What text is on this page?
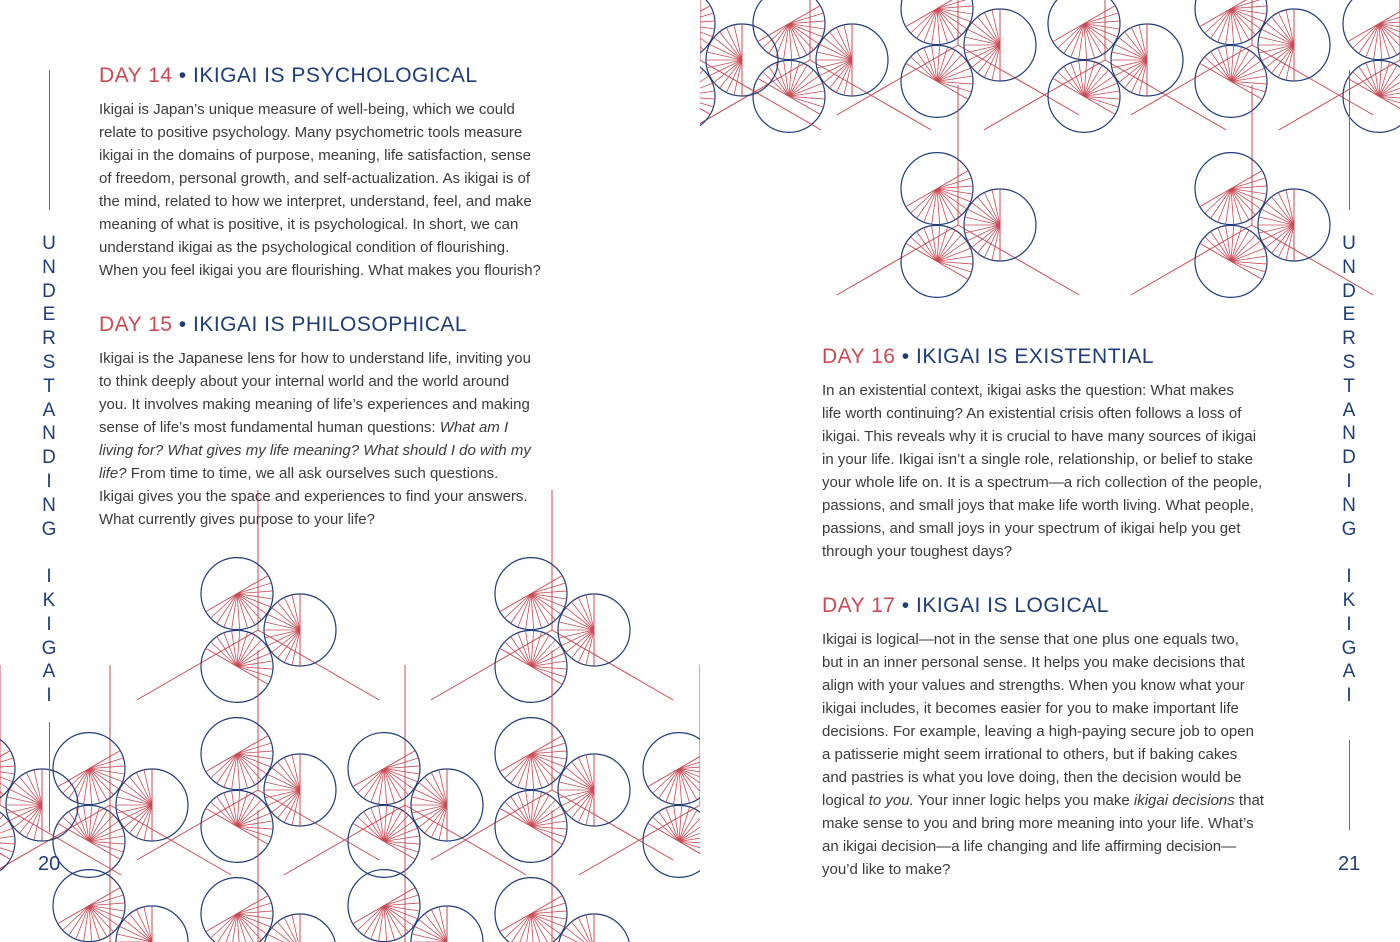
U
N
D
E
R
S
T
A
N
D
I
N
G

I
K
I
G
A
I
20
DAY 14 • IKIGAI IS PSYCHOLOGICAL

Ikigai is Japan’s unique measure of well-being, which we could
relate to positive psychology. Many psychometric tools measure
ikigai in the domains of purpose, meaning, life satisfaction, sense
of freedom, personal growth, and self-actualization. As ikigai is of
the mind, related to how we interpret, understand, feel, and make
meaning of what is positive, it is psychological. In short, we can
understand ikigai as the psychological condition of flourishing.
When you feel ikigai you are flourishing. What makes you flourish?

DAY 15 • IKIGAI IS PHILOSOPHICAL

Ikigai is the Japanese lens for how to understand life, inviting you
to think deeply about your internal world and the world around
you. It involves making meaning of life’s experiences and making
sense of life’s most fundamental human questions: What am I
living for? What gives my life meaning? What should I do with my
life? From time to time, we all ask ourselves such questions.
Ikigai gives you the space and experiences to find your answers.
What currently gives purpose to your life?

U
N
D
E
R
S
T
A
N
D
I
N
G

I
K
I
G
A
I
21
DAY 16 • IKIGAI IS EXISTENTIAL

In an existential context, ikigai asks the question: What makes
life worth continuing? An existential crisis often follows a loss of
ikigai. This reveals why it is crucial to have many sources of ikigai
in your life. Ikigai isn’t a single role, relationship, or belief to stake
your whole life on. It is a spectrum—a rich collection of the people,
passions, and small joys that make life worth living. What people,
passions, and small joys in your spectrum of ikigai help you get
through your toughest days?

DAY 17 • IKIGAI IS LOGICAL

Ikigai is logical—not in the sense that one plus one equals two,
but in an inner personal sense. It helps you make decisions that
align with your values and strengths. When you know what your
ikigai includes, it becomes easier for you to make important life
decisions. For example, leaving a high-paying secure job to open
a patisserie might seem irrational to others, but if baking cakes
and pastries is what you love doing, then the decision would be
logical to you. Your inner logic helps you make ikigai decisions that
make sense to you and bring more meaning into your life. What’s
an ikigai decision—a life changing and life affirming decision—
you’d like to make?
